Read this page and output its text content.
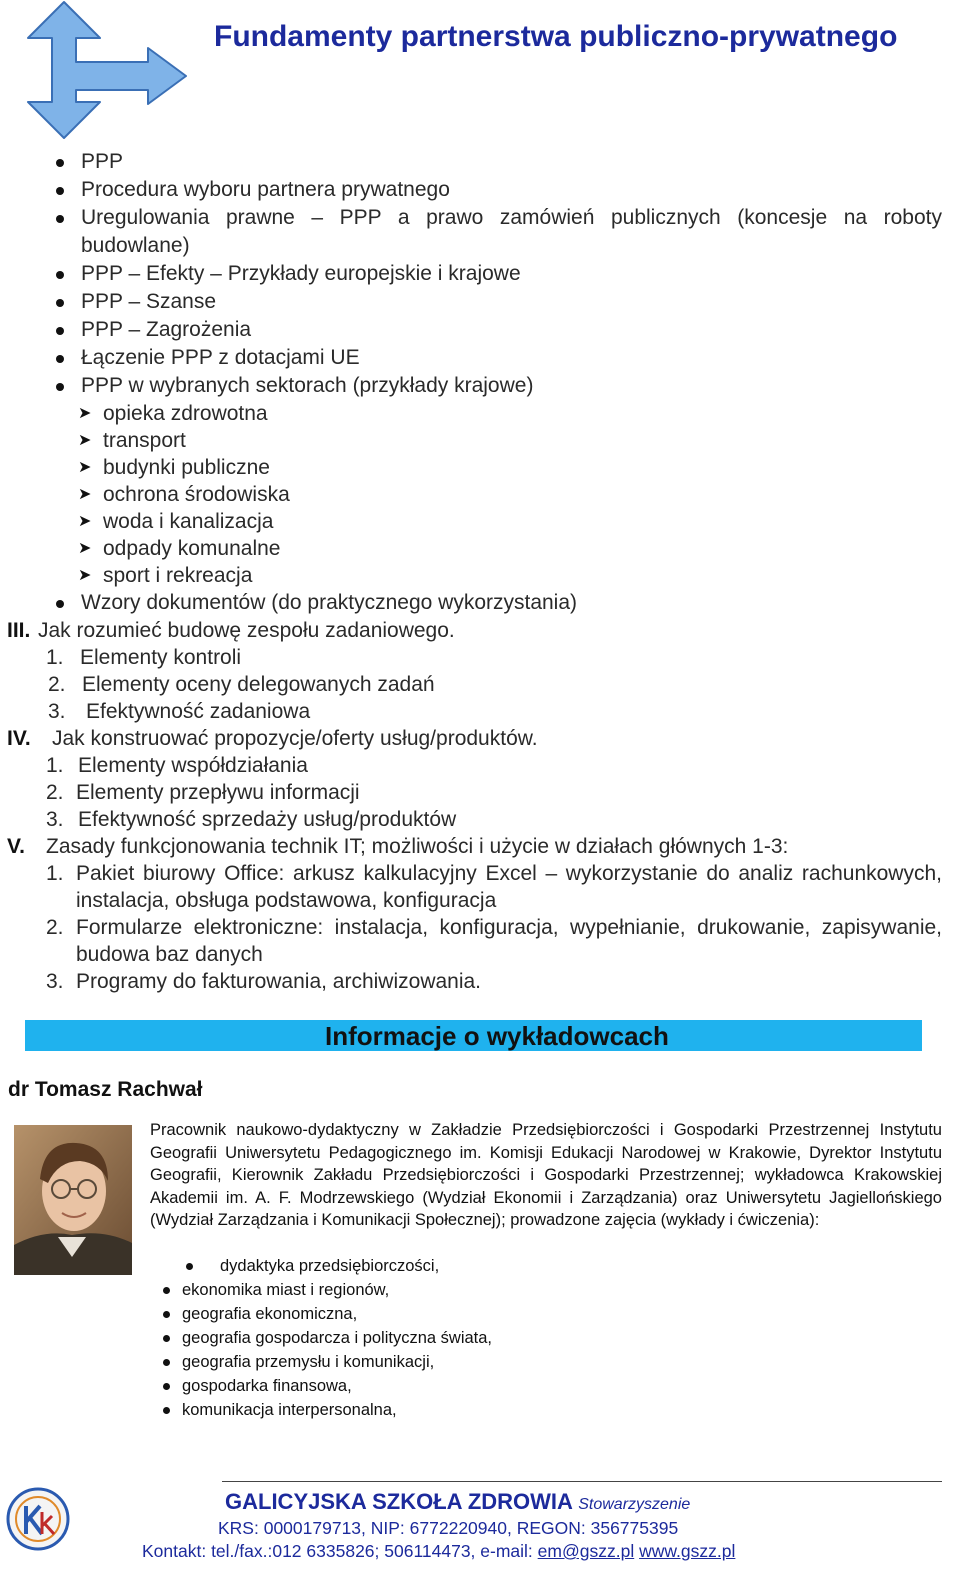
Fundamenty partnerstwa publiczno-prywatnego
PPP
Procedura wyboru partnera prywatnego
Uregulowania prawne – PPP a prawo zamówień publicznych (koncesje na roboty budowlane)
PPP – Efekty – Przykłady europejskie i krajowe
PPP – Szanse
PPP – Zagrożenia
Łączenie PPP z dotacjami UE
PPP w wybranych sektorach (przykłady krajowe)
➤ opieka zdrowotna
➤ transport
➤ budynki publiczne
➤ ochrona środowiska
➤ woda i kanalizacja
➤ odpady komunalne
➤ sport i rekreacja
Wzory dokumentów (do praktycznego wykorzystania)
III. Jak rozumieć budowę zespołu zadaniowego.
1. Elementy kontroli
2. Elementy oceny delegowanych zadań
3. Efektywność zadaniowa
IV. Jak konstruować propozycje/oferty usług/produktów.
1. Elementy współdziałania
2. Elementy przepływu informacji
3. Efektywność sprzedaży usług/produktów
V. Zasady funkcjonowania technik IT; możliwości i użycie w działach głównych 1-3:
1. Pakiet biurowy Office: arkusz kalkulacyjny Excel – wykorzystanie do analiz rachunkowych, instalacja, obsługa podstawowa, konfiguracja
2. Formularze elektroniczne: instalacja, konfiguracja, wypełnianie, drukowanie, zapisywanie, budowa baz danych
3. Programy do fakturowania, archiwizowania.
Informacje o wykładowcach
dr Tomasz Rachwał
Pracownik naukowo-dydaktyczny w Zakładzie Przedsiębiorczości i Gospodarki Przestrzennej Instytutu Geografii Uniwersytetu Pedagogicznego im. Komisji Edukacji Narodowej w Krakowie, Dyrektor Instytutu Geografii, Kierownik Zakładu Przedsiębiorczości i Gospodarki Przestrzennej; wykładowca Krakowskiej Akademii im. A. F. Modrzewskiego (Wydział Ekonomii i Zarządzania) oraz Uniwersytetu Jagiellońskiego (Wydział Zarządzania i Komunikacji Społecznej); prowadzone zajęcia (wykłady i ćwiczenia):
dydaktyka przedsiębiorczości,
ekonomika miast i regionów,
geografia ekonomiczna,
geografia gospodarcza i polityczna świata,
geografia przemysłu i komunikacji,
gospodarka finansowa,
komunikacja interpersonalna,
GALICYJSKA SZKOŁA ZDROWIA Stowarzyszenie
KRS: 0000179713, NIP: 6772220940, REGON: 356775395
Kontakt: tel./fax.:012 6335826; 506114473, e-mail: em@gszz.pl www.gszz.pl
